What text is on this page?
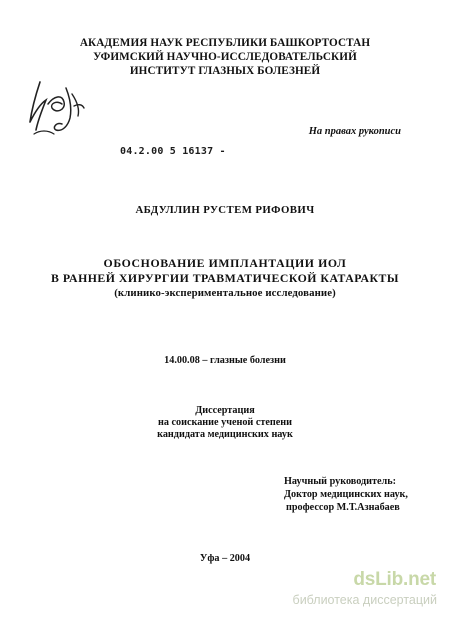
АКАДЕМИЯ НАУК РЕСПУБЛИКИ БАШКОРТОСТАН
УФИМСКИЙ НАУЧНО-ИССЛЕДОВАТЕЛЬСКИЙ
ИНСТИТУТ ГЛАЗНЫХ БОЛЕЗНЕЙ
На правах рукописи
04.2.00 5 16137 -
АБДУЛЛИН РУСТЕМ РИФОВИЧ
ОБОСНОВАНИЕ ИМПЛАНТАЦИИ ИОЛ
В РАННЕЙ ХИРУРГИИ ТРАВМАТИЧЕСКОЙ КАТАРАКТЫ
(клинико-экспериментальное исследование)
14.00.08 – глазные болезни
Диссертация
на соискание ученой степени
кандидата медицинских наук
Научный руководитель:
Доктор медицинских наук,
профессор М.Т.Азнабаев
Уфа – 2004
dsLib.net
библиотека диссертаций
